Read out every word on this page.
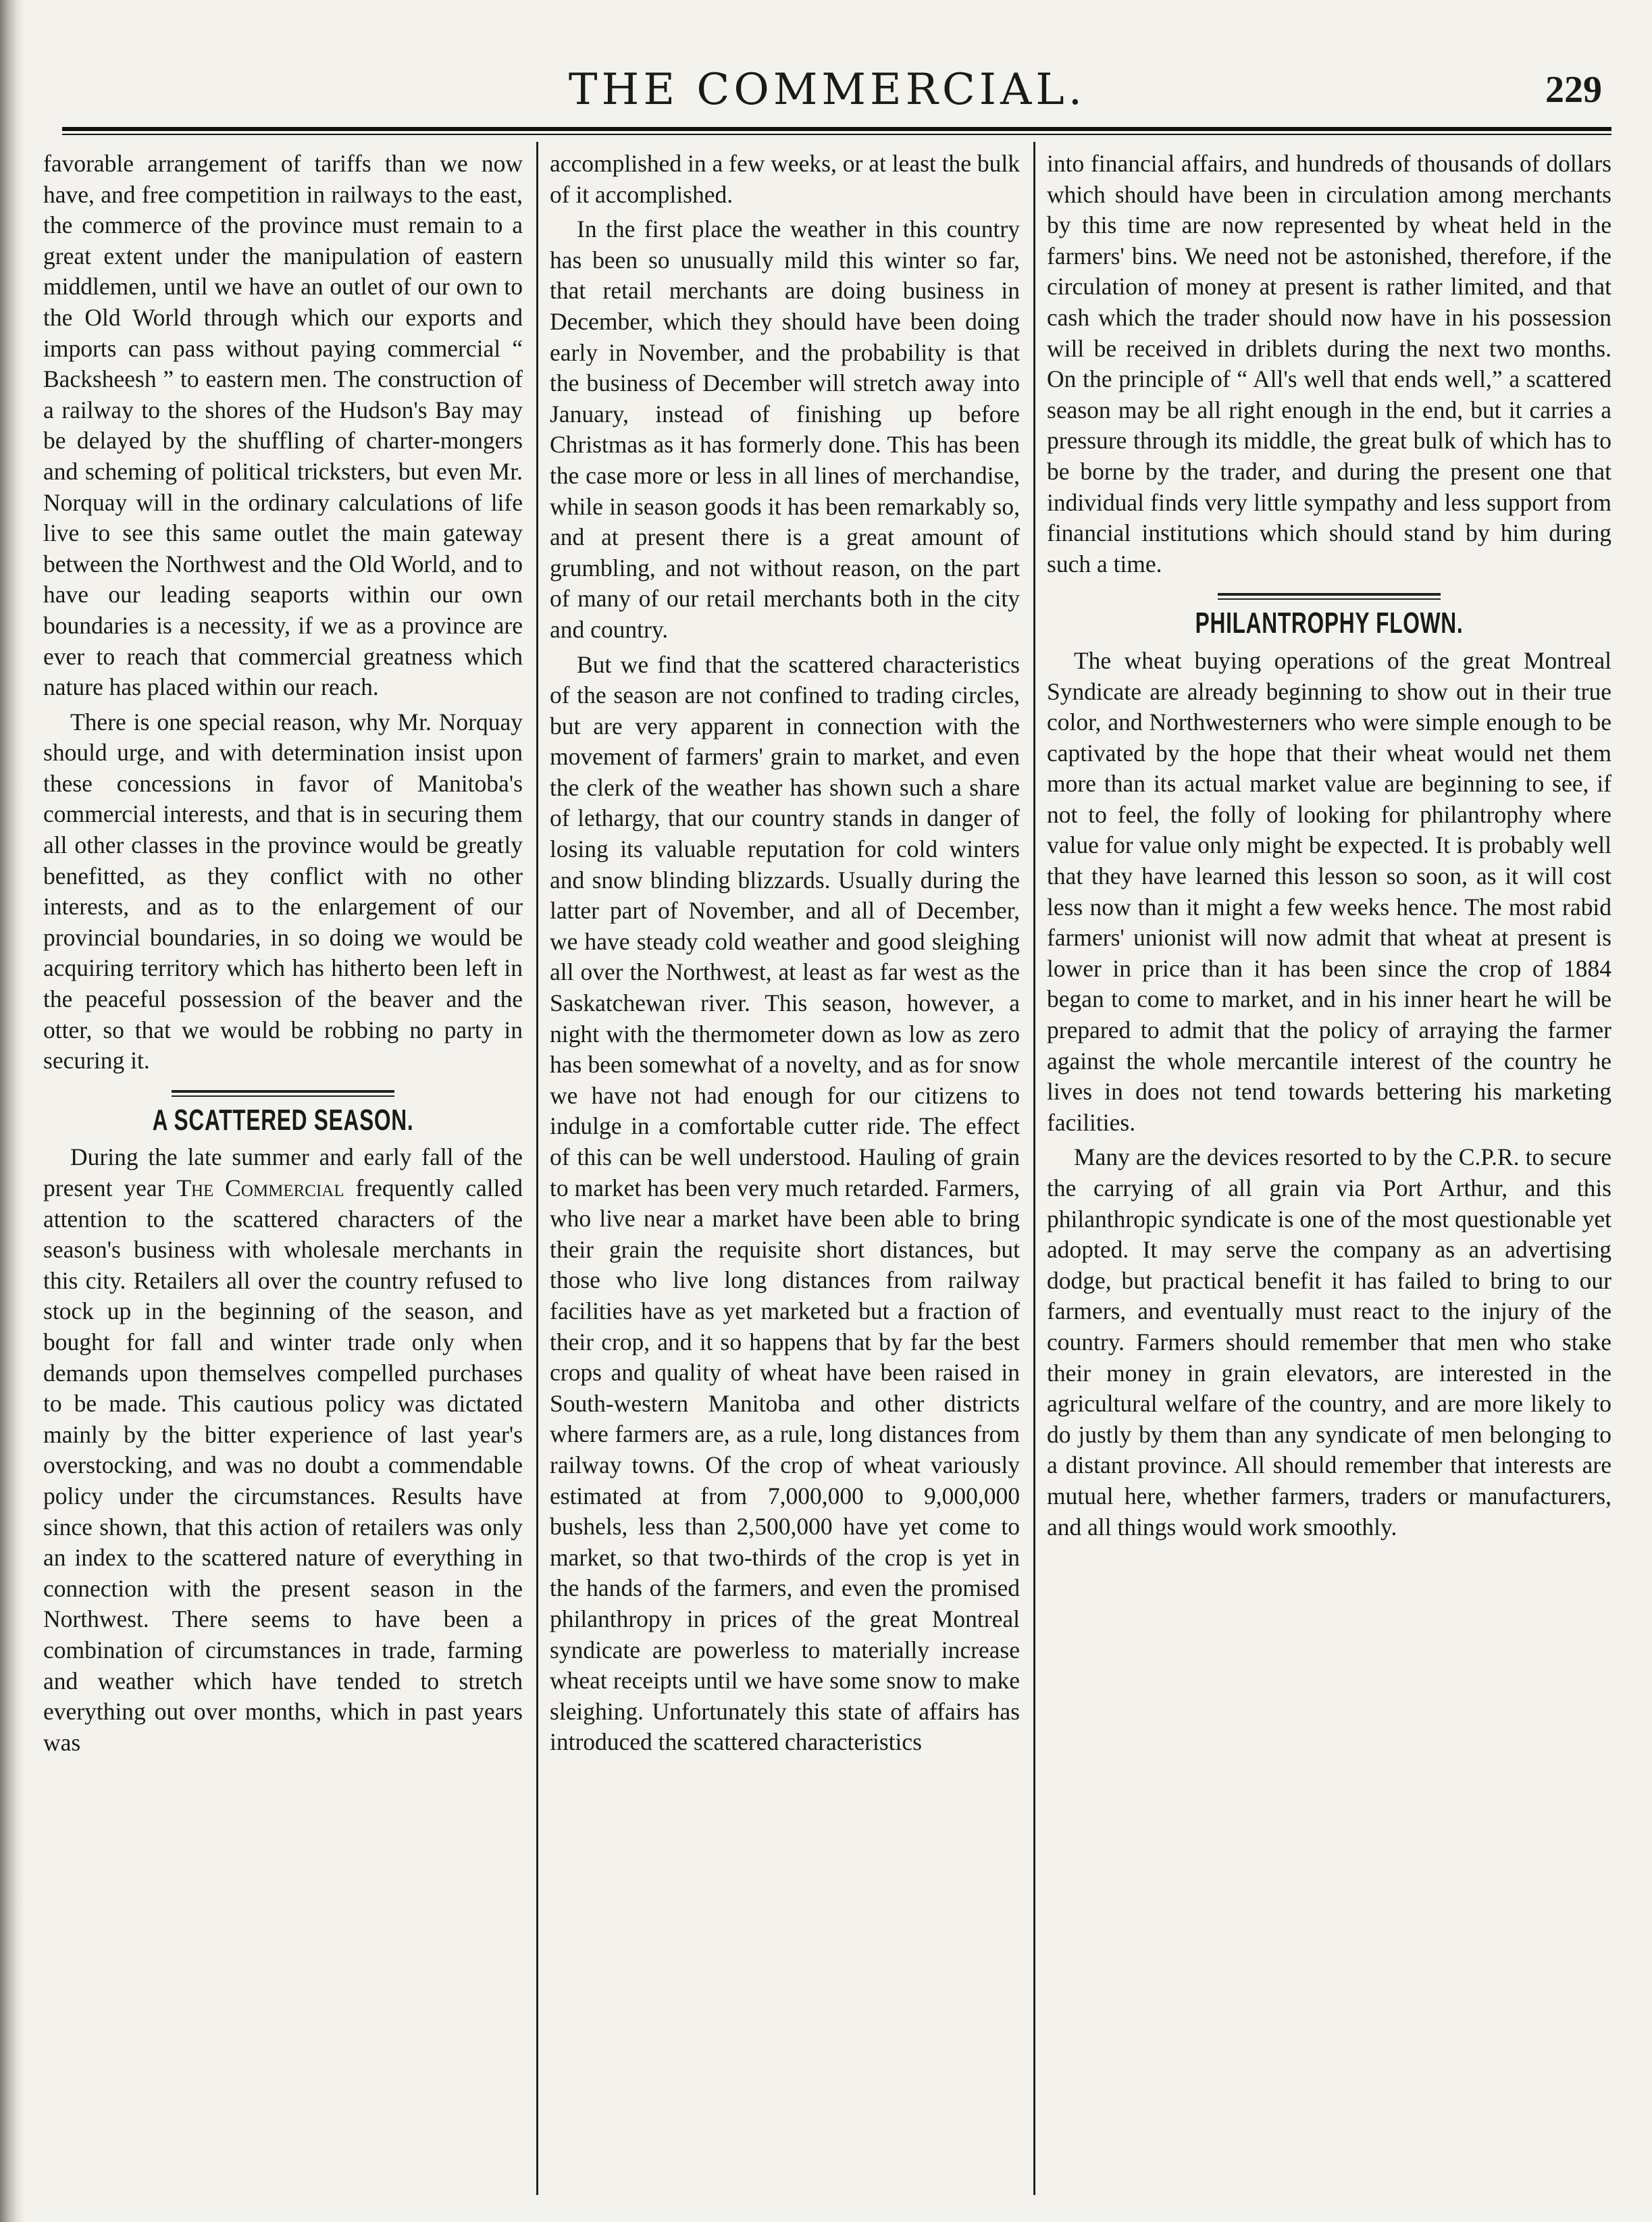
THE COMMERCIAL.	229

favorable arrangement of tariffs than we now have, and free competition in railways to the east, the commerce of the province must remain to a great extent under the manipulation of eastern middlemen, until we have an outlet of our own to the Old World through which our exports and imports can pass without paying commercial “ Backsheesh ” to eastern men. The construction of a railway to the shores of the Hudson's Bay may be delayed by the shuffling of charter-mongers and scheming of political tricksters, but even Mr. Norquay will in the ordinary calculations of life live to see this same outlet the main gateway between the Northwest and the Old World, and to have our leading seaports within our own boundaries is a necessity, if we as a province are ever to reach that commercial greatness which nature has placed within our reach.

There is one special reason, why Mr. Norquay should urge, and with determination insist upon these concessions in favor of Manitoba's commercial interests, and that is in securing them all other classes in the province would be greatly benefitted, as they conflict with no other interests, and as to the enlargement of our provincial boundaries, in so doing we would be acquiring territory which has hitherto been left in the peaceful possession of the beaver and the otter, so that we would be robbing no party in securing it.

A SCATTERED SEASON.

During the late summer and early fall of the present year The Commercial frequently called attention to the scattered characters of the season's business with wholesale merchants in this city. Retailers all over the country refused to stock up in the beginning of the season, and bought for fall and winter trade only when demands upon themselves compelled purchases to be made. This cautious policy was dictated mainly by the bitter experience of last year's overstocking, and was no doubt a commendable policy under the circumstances. Results have since shown, that this action of retailers was only an index to the scattered nature of everything in connection with the present season in the Northwest. There seems to have been a combination of circumstances in trade, farming and weather which have tended to stretch everything out over months, which in past years was

accomplished in a few weeks, or at least the bulk of it accomplished.

In the first place the weather in this country has been so unusually mild this winter so far, that retail merchants are doing business in December, which they should have been doing early in November, and the probability is that the business of December will stretch away into January, instead of finishing up before Christmas as it has formerly done. This has been the case more or less in all lines of merchandise, while in season goods it has been remarkably so, and at present there is a great amount of grumbling, and not without reason, on the part of many of our retail merchants both in the city and country.

But we find that the scattered characteristics of the season are not confined to trading circles, but are very apparent in connection with the movement of farmers' grain to market, and even the clerk of the weather has shown such a share of lethargy, that our country stands in danger of losing its valuable reputation for cold winters and snow blinding blizzards. Usually during the latter part of November, and all of December, we have steady cold weather and good sleighing all over the Northwest, at least as far west as the Saskatchewan river. This season, however, a night with the thermometer down as low as zero has been somewhat of a novelty, and as for snow we have not had enough for our citizens to indulge in a comfortable cutter ride. The effect of this can be well understood. Hauling of grain to market has been very much retarded. Farmers, who live near a market have been able to bring their grain the requisite short distances, but those who live long distances from railway facilities have as yet marketed but a fraction of their crop, and it so happens that by far the best crops and quality of wheat have been raised in South-western Manitoba and other districts where farmers are, as a rule, long distances from railway towns. Of the crop of wheat variously estimated at from 7,000,000 to 9,000,000 bushels, less than 2,500,000 have yet come to market, so that two-thirds of the crop is yet in the hands of the farmers, and even the promised philanthropy in prices of the great Montreal syndicate are powerless to materially increase wheat receipts until we have some snow to make sleighing. Unfortunately this state of affairs has introduced the scattered characteristics

into financial affairs, and hundreds of thousands of dollars which should have been in circulation among merchants by this time are now represented by wheat held in the farmers' bins. We need not be astonished, therefore, if the circulation of money at present is rather limited, and that cash which the trader should now have in his possession will be received in driblets during the next two months. On the principle of “ All's well that ends well,” a scattered season may be all right enough in the end, but it carries a pressure through its middle, the great bulk of which has to be borne by the trader, and during the present one that individual finds very little sympathy and less support from financial institutions which should stand by him during such a time.

PHILANTROPHY FLOWN.

The wheat buying operations of the great Montreal Syndicate are already beginning to show out in their true color, and Northwesterners who were simple enough to be captivated by the hope that their wheat would net them more than its actual market value are beginning to see, if not to feel, the folly of looking for philantrophy where value for value only might be expected. It is probably well that they have learned this lesson so soon, as it will cost less now than it might a few weeks hence. The most rabid farmers' unionist will now admit that wheat at present is lower in price than it has been since the crop of 1884 began to come to market, and in his inner heart he will be prepared to admit that the policy of arraying the farmer against the whole mercantile interest of the country he lives in does not tend towards bettering his marketing facilities.

Many are the devices resorted to by the C.P.R. to secure the carrying of all grain via Port Arthur, and this philanthropic syndicate is one of the most questionable yet adopted. It may serve the company as an advertising dodge, but practical benefit it has failed to bring to our farmers, and eventually must react to the injury of the country. Farmers should remember that men who stake their money in grain elevators, are interested in the agricultural welfare of the country, and are more likely to do justly by them than any syndicate of men belonging to a distant province. All should remember that interests are mutual here, whether farmers, traders or manufacturers, and all things would work smoothly.
